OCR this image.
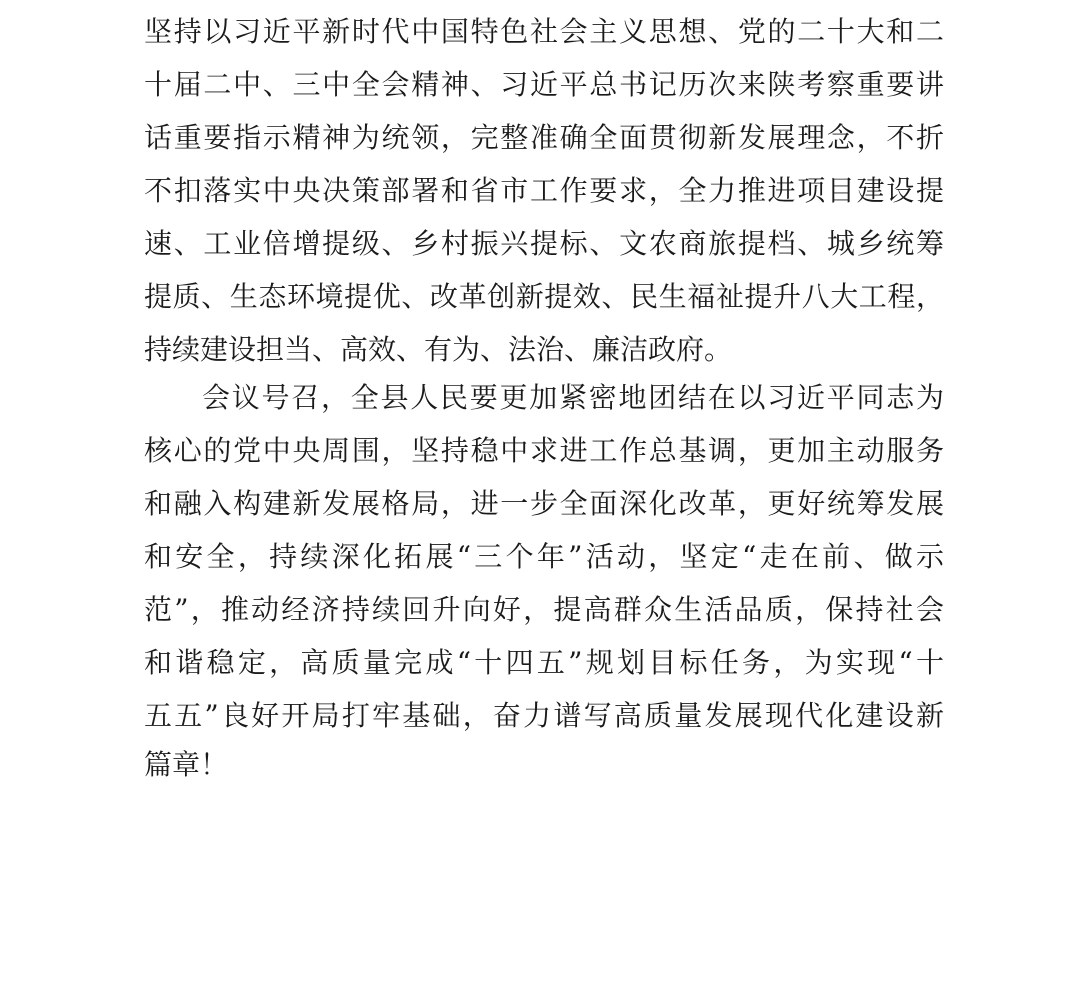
坚持以习近平新时代中国特色社会主义思想、党的二十大和二
十届二中、三中全会精神、习近平总书记历次来陕考察重要讲
话重要指示精神为统领，完整准确全面贯彻新发展理念，不折
不扣落实中央决策部署和省市工作要求，全力推进项目建设提
速、工业倍增提级、乡村振兴提标、文农商旅提档、城乡统筹
提质、生态环境提优、改革创新提效、民生福祉提升八大工程，
持续建设担当、高效、有为、法治、廉洁政府。
会议号召，全县人民要更加紧密地团结在以习近平同志为
核心的党中央周围，坚持稳中求进工作总基调，更加主动服务
和融入构建新发展格局，进一步全面深化改革，更好统筹发展
和安全，持续深化拓展“三个年”活动，坚定“走在前、做示
范”，推动经济持续回升向好，提高群众生活品质，保持社会
和谐稳定，高质量完成“十四五”规划目标任务，为实现“十
五五”良好开局打牢基础，奋力谱写高质量发展现代化建设新
篇章！
